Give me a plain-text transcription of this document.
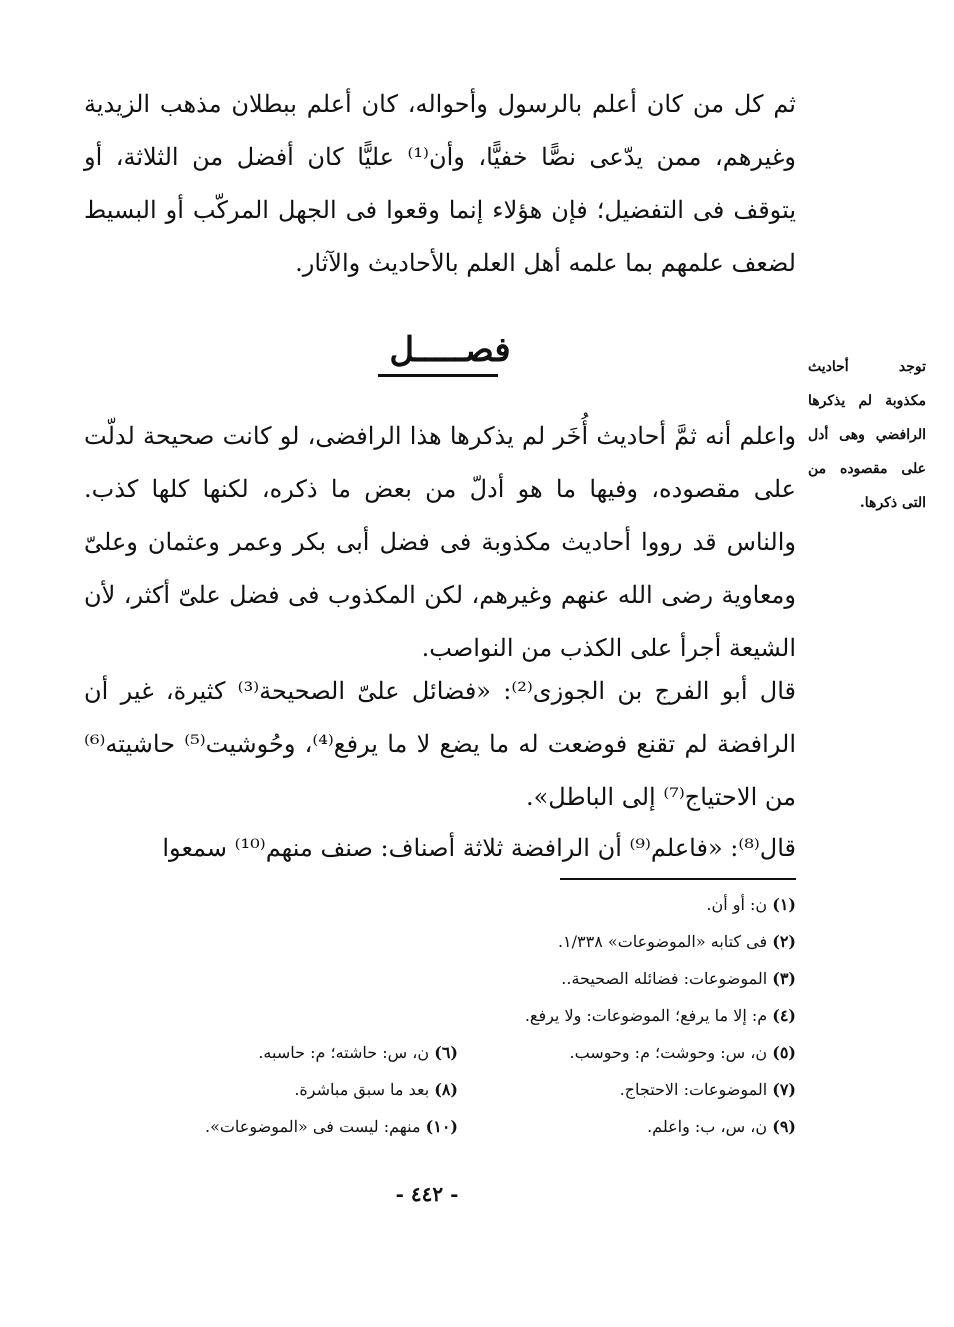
ثم كل من كان أعلم بالرسول وأحواله، كان أعلم ببطلان مذهب الزيدية وغيرهم، ممن يدّعى نصًّا خفيًّا، وأن⁽¹⁾ عليًّا كان أفضل من الثلاثة، أو يتوقف فى التفضيل؛ فإن هؤلاء إنما وقعوا فى الجهل المركّب أو البسيط لضعف علمهم بما علمه أهل العلم بالأحاديث والآثار.
فصـــــل	توجد أحاديث مكذوبة لم يذكرها الرافضي وهى أدل على مقصوده من التى ذكرها.
واعلم أنه ثمَّ أحاديث أُخَر لم يذكرها هذا الرافضى، لو كانت صحيحة لدلّت على مقصوده، وفيها ما هو أدلّ من بعض ما ذكره، لكنها كلها كذب. والناس قد رووا أحاديث مكذوبة فى فضل أبى بكر وعمر وعثمان وعلىّ ومعاوية رضى الله عنهم وغيرهم، لكن المكذوب فى فضل علىّ أكثر، لأن الشيعة أجرأ على الكذب من النواصب.
قال أبو الفرج بن الجوزى⁽²⁾: «فضائل علىّ الصحيحة⁽³⁾ كثيرة، غير أن الرافضة لم تقنع فوضعت له ما يضع لا ما يرفع⁽⁴⁾، وحُوشيت⁽⁵⁾ حاشيته⁽⁶⁾ من الاحتياج⁽⁷⁾ إلى الباطل».
قال⁽⁸⁾: «فاعلم⁽⁹⁾ أن الرافضة ثلاثة أصناف: صنف منهم⁽¹⁰⁾ سمعوا
(١) ن: أو أن.
(٢) فى كتابه «الموضوعات» ١/٣٣٨.
(٣) الموضوعات: فضائله الصحيحة..
(٤) م: إلا ما يرفع؛ الموضوعات: ولا يرفع.
(٥) ن، س: وحوشت؛ م: وحوسب.
(٦) ن، س: حاشته؛ م: حاسبه.
(٧) الموضوعات: الاحتجاج.
(٨) بعد ما سبق مباشرة.
(٩) ن، س، ب: واعلم.
(١٠) منهم: ليست فى «الموضوعات».
- ٤٤٢ -
